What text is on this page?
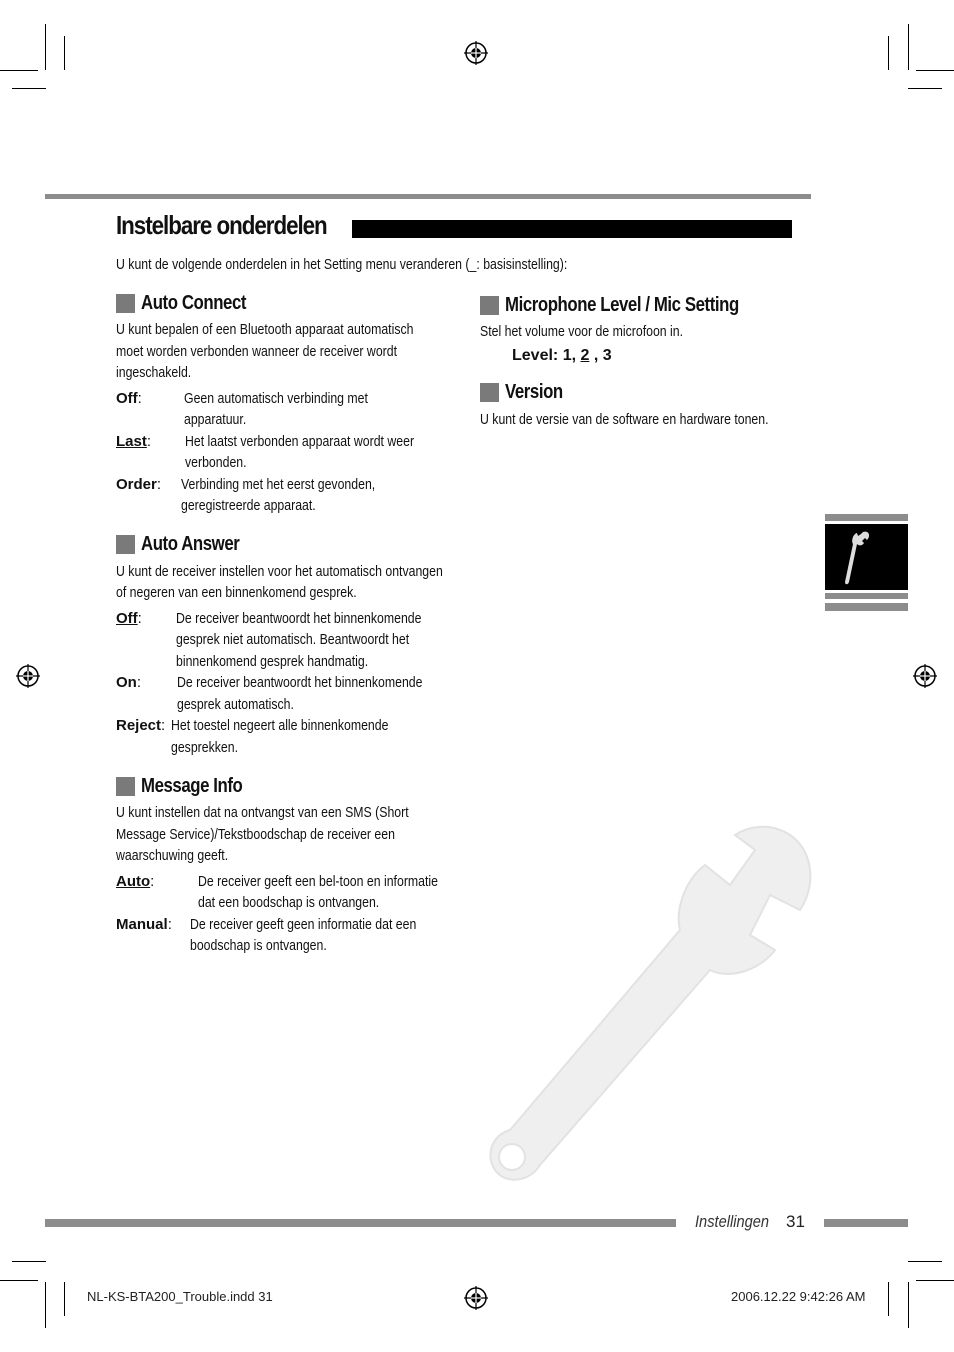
Instelbare onderdelen
U kunt de volgende onderdelen in het Setting menu veranderen (_: basisinstelling):
Auto Connect
U kunt bepalen of een Bluetooth apparaat automatisch moet worden verbonden wanneer de receiver wordt ingeschakeld.
Off :	Geen automatisch verbinding met apparatuur.
Last :	Het laatst verbonden apparaat wordt weer verbonden.
Order :	Verbinding met het eerst gevonden, geregistreerde apparaat.
Auto Answer
U kunt de receiver instellen voor het automatisch ontvangen of negeren van een binnenkomend gesprek.
Off :	De receiver beantwoordt het binnenkomende gesprek niet automatisch. Beantwoordt het binnenkomend gesprek handmatig.
On :	De receiver beantwoordt het binnenkomende gesprek automatisch.
Reject : Het toestel negeert alle binnenkomende gesprekken.
Message Info
U kunt instellen dat na ontvangst van een SMS (Short Message Service)/Tekstboodschap de receiver een waarschuwing geeft.
Auto :	De receiver geeft een bel-toon en informatie dat een boodschap is ontvangen.
Manual :	De receiver geeft geen informatie dat een boodschap is ontvangen.
Microphone Level / Mic Setting
Stel het volume voor de microfoon in.
Level: 1, 2 , 3
Version
U kunt de versie van de software en hardware tonen.
Instellingen 31
NL-KS-BTA200_Trouble.indd 31	2006.12.22 9:42:26 AM
